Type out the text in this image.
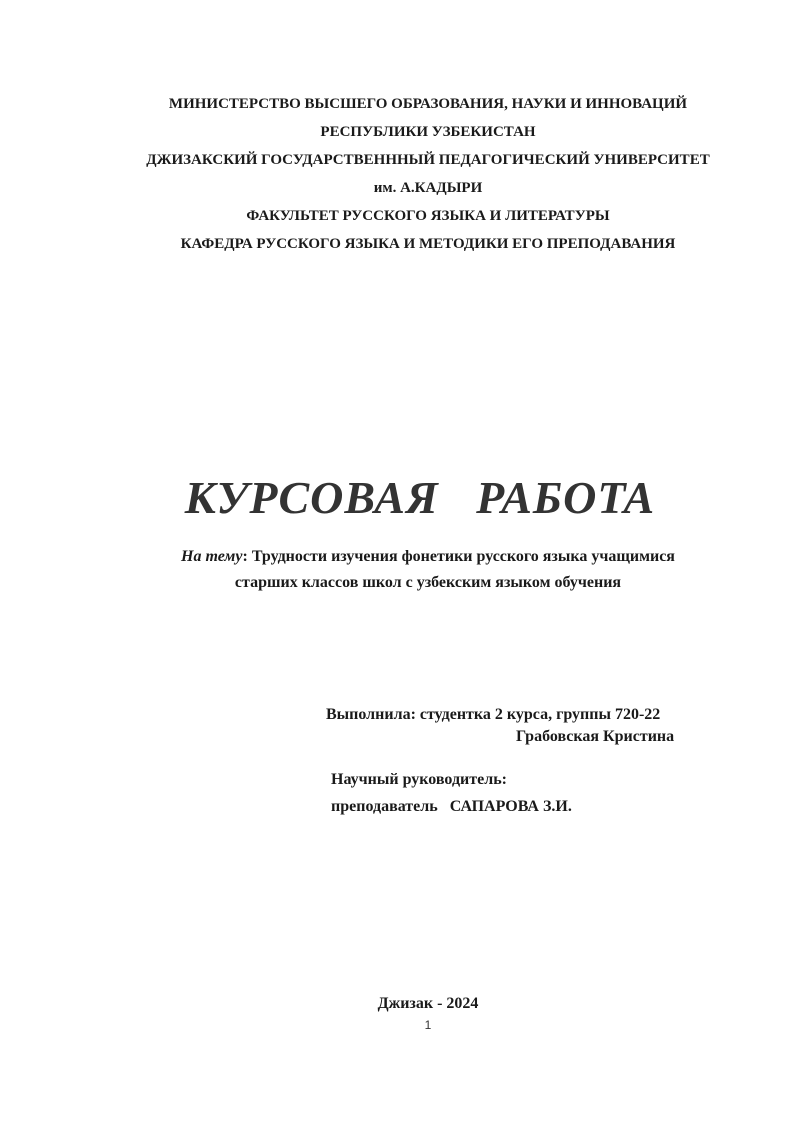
МИНИСТЕРСТВО ВЫСШЕГО ОБРАЗОВАНИЯ, НАУКИ И ИННОВАЦИЙ
РЕСПУБЛИКИ УЗБЕКИСТАН
ДЖИЗАКСКИЙ ГОСУДАРСТВЕНННЫЙ ПЕДАГОГИЧЕСКИЙ УНИВЕРСИТЕТ
им. А.КАДЫРИ
ФАКУЛЬТЕТ РУССКОГО ЯЗЫКА И ЛИТЕРАТУРЫ
КАФЕДРА РУССКОГО ЯЗЫКА И МЕТОДИКИ ЕГО ПРЕПОДАВАНИЯ
КУРСОВАЯ   РАБОТА
На тему: Трудности изучения фонетики русского языка учащимися
старших классов школ с узбекским языком обучения
Выполнила: студентка 2 курса, группы 720-22
Грабовская Кристина
Научный руководитель:
преподаватель   САПАРОВА З.И.
Джизак - 2024
1
